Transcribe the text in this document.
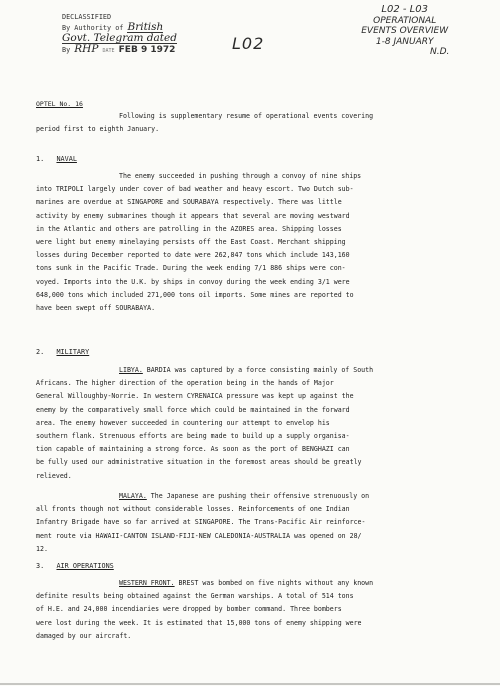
DECLASSIFIED
By Authority of British
Govt. Telegram dated
By RHP DATE FEB 9 1972	L02
L02 - L03
OPERATIONAL
EVENTS OVERVIEW
1-8 JANUARY
N.D.
OPTEL No. 16

Following is supplementary resume of operational events covering

period first to eighth January.

1. NAVAL

The enemy succeeded in pushing through a convoy of nine ships

into TRIPOLI largely under cover of bad weather and heavy escort. Two Dutch sub-

marines are overdue at SINGAPORE and SOURABAYA respectively. There was little

activity by enemy submarines though it appears that several are moving westward

in the Atlantic and others are patrolling in the AZORES area. Shipping losses

were light but enemy minelaying persists off the East Coast. Merchant shipping

losses during December reported to date were 262,847 tons which include 143,160

tons sunk in the Pacific Trade. During the week ending 7/1 886 ships were con-

voyed. Imports into the U.K. by ships in convoy during the week ending 3/1 were

648,000 tons which included 271,000 tons oil imports. Some mines are reported to

have been swept off SOURABAYA.

2. MILITARY

LIBYA. BARDIA was captured by a force consisting mainly of South

Africans. The higher direction of the operation being in the hands of Major

General Willoughby-Norrie. In western CYRENAICA pressure was kept up against the

enemy by the comparatively small force which could be maintained in the forward

area. The enemy however succeeded in countering our attempt to envelop his

southern flank. Strenuous efforts are being made to build up a supply organisa-

tion capable of maintaining a strong force. As soon as the port of BENGHAZI can

be fully used our administrative situation in the foremost areas should be greatly

relieved.

MALAYA. The Japanese are pushing their offensive strenuously on

all fronts though not without considerable losses. Reinforcements of one Indian

Infantry Brigade have so far arrived at SINGAPORE. The Trans-Pacific Air reinforce-

ment route via HAWAII-CANTON ISLAND-FIJI-NEW CALEDONIA-AUSTRALIA was opened on 28/

12.

3. AIR OPERATIONS

WESTERN FRONT. BREST was bombed on five nights without any known

definite results being obtained against the German warships. A total of 514 tons

of H.E. and 24,000 incendiaries were dropped by bomber command. Three bombers

were lost during the week. It is estimated that 15,000 tons of enemy shipping were

damaged by our aircraft.
